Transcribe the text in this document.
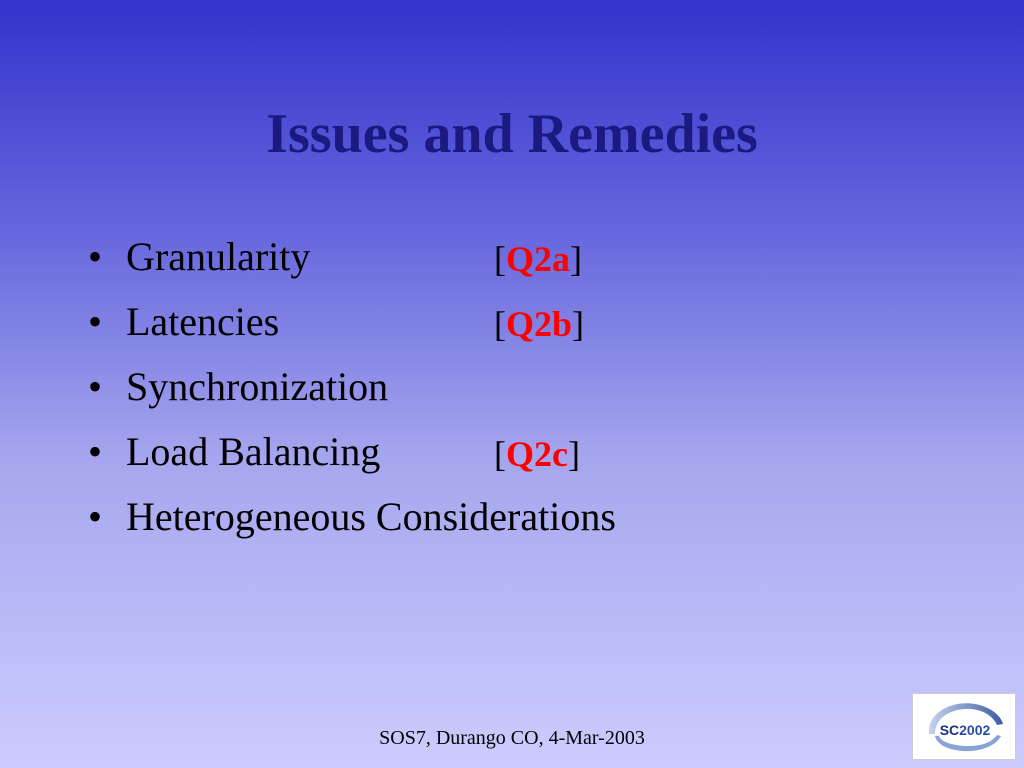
Issues and Remedies
• Granularity	[Q2a]
• Latencies	[Q2b]
• Synchronization
• Load Balancing	[Q2c]
• Heterogeneous Considerations
SOS7, Durango CO, 4-Mar-2003	SC2002
